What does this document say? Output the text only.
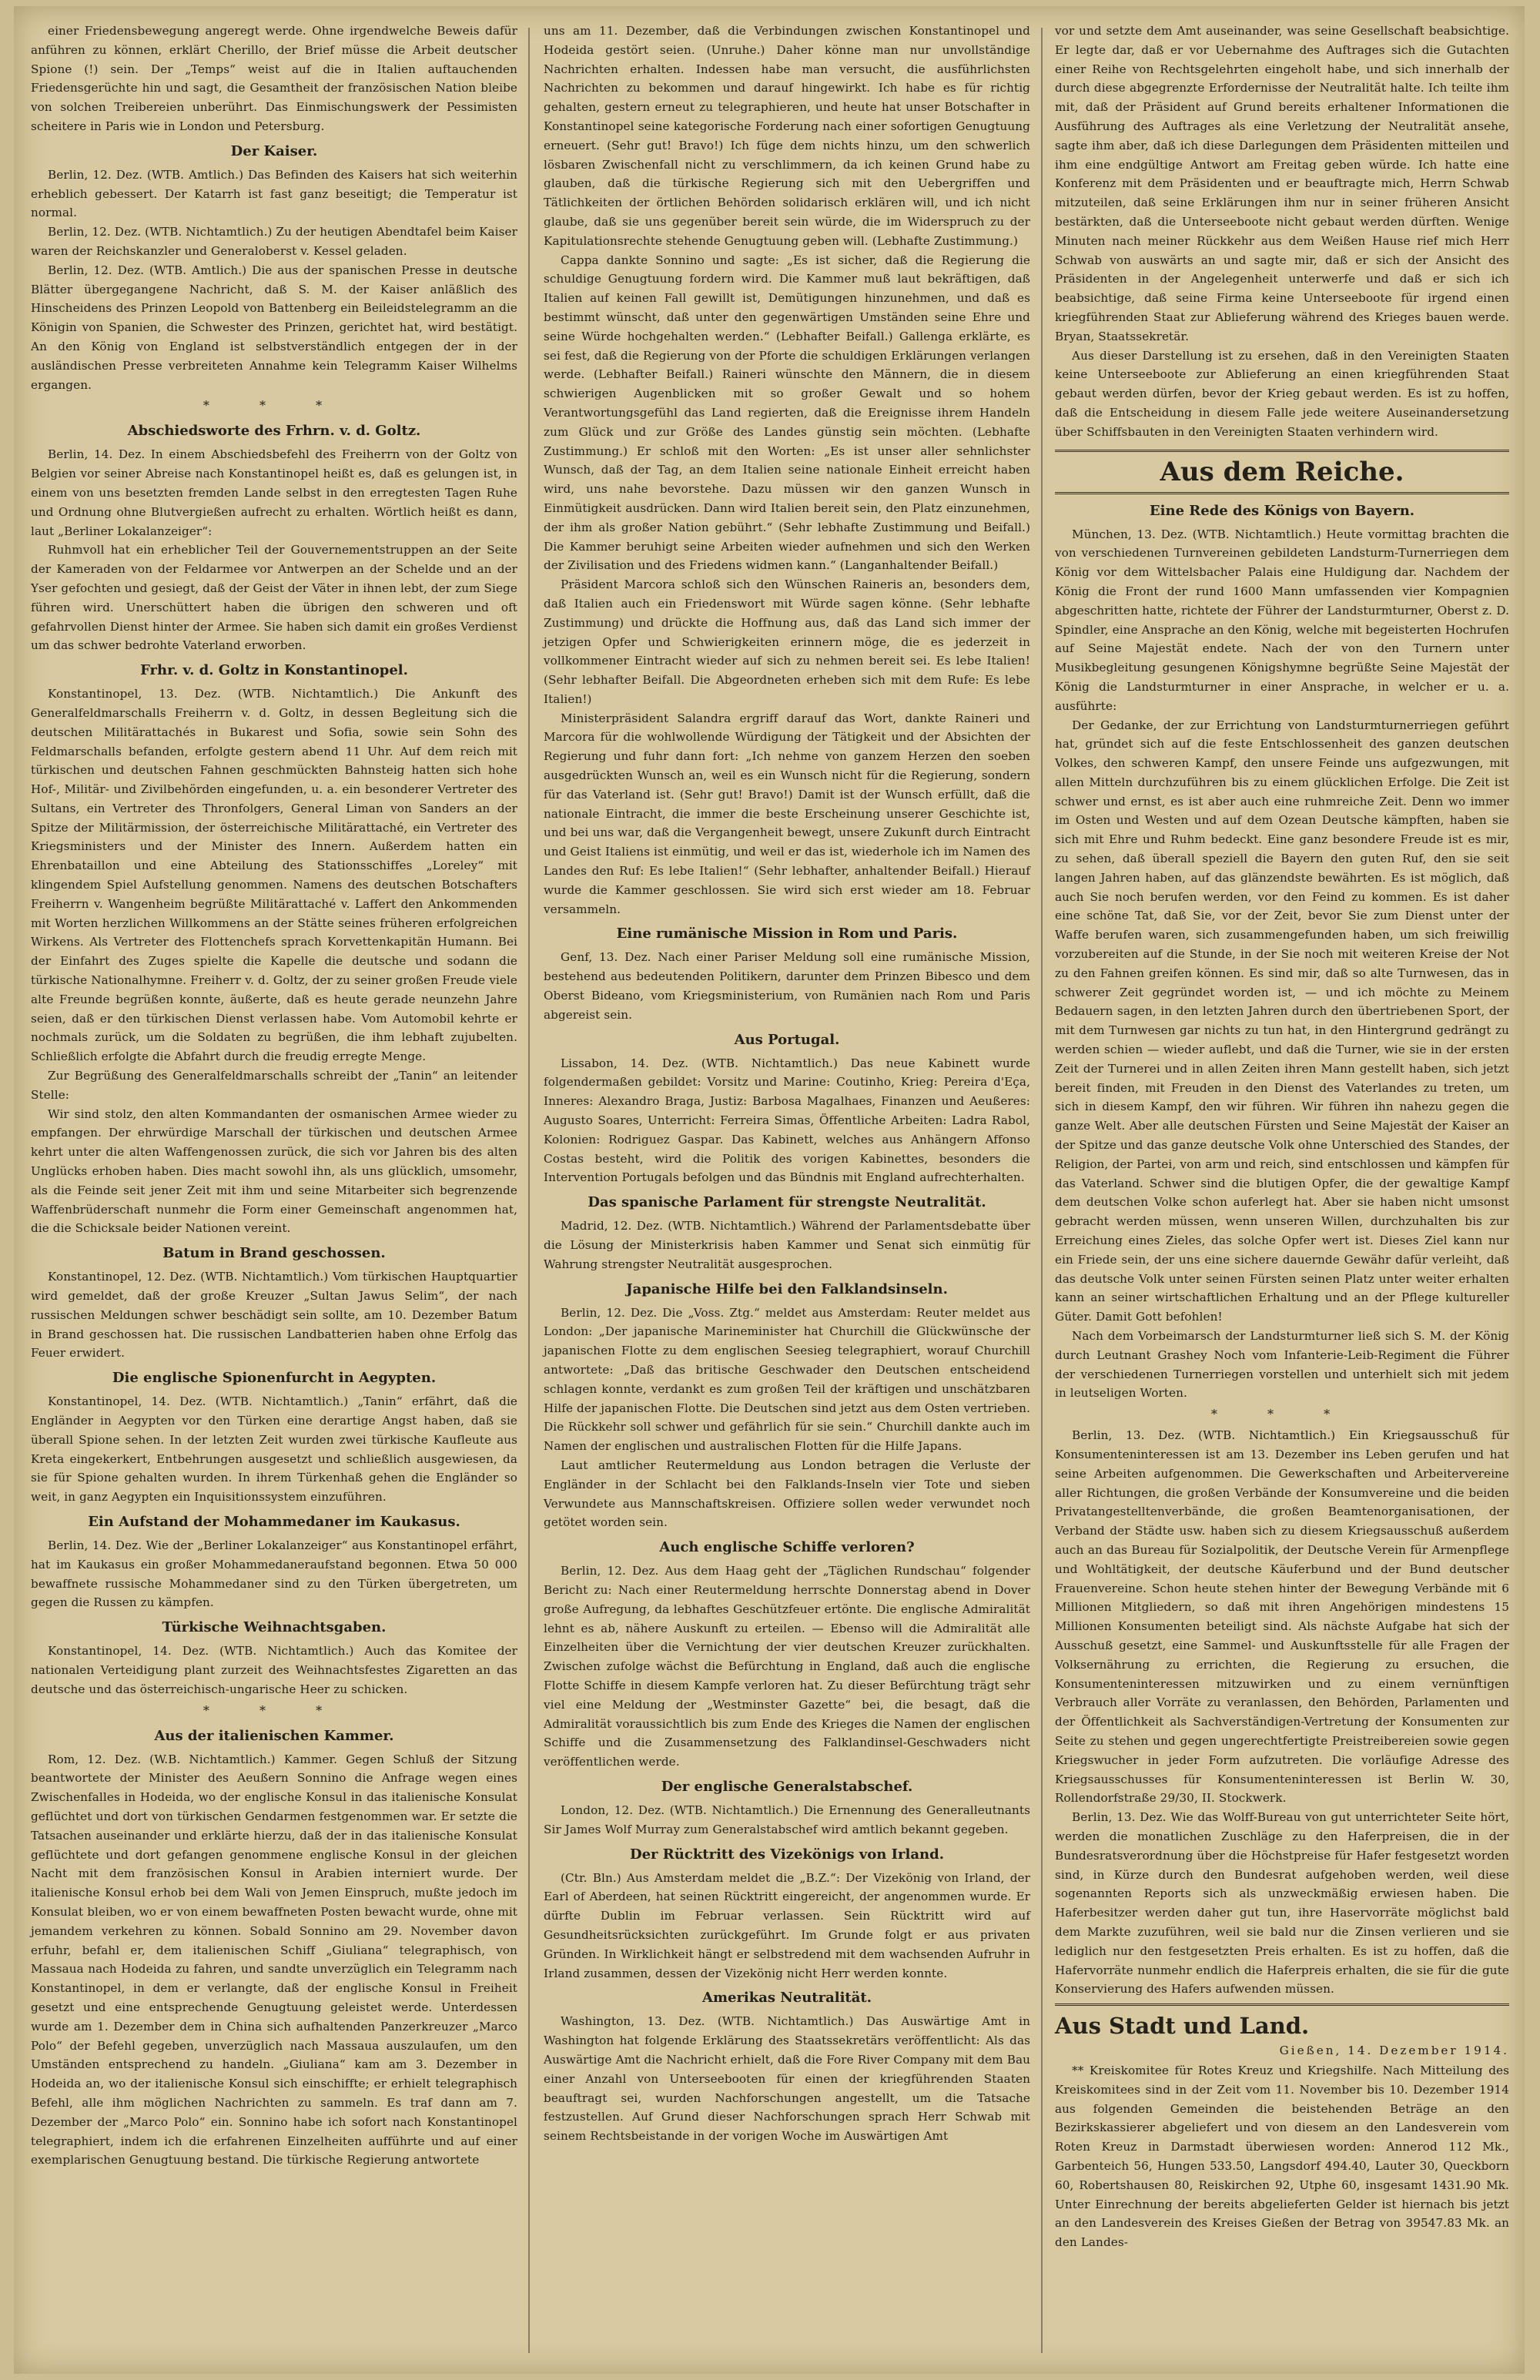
einer Friedensbewegung angeregt werde. Ohne irgendwelche Beweis dafür anführen zu können, erklärt Cherillo, der Brief müsse die Arbeit deutscher Spione (!) sein. Der „Temps“ weist auf die in Italien auftauchenden Friedensgerüchte hin und sagt, die Gesamtheit der französischen Nation bleibe von solchen Treibereien unberührt. Das Einmischungswerk der Pessimisten scheitere in Paris wie in London und Petersburg.

Der Kaiser.

Berlin, 12. Dez. (WTB. Amtlich.) Das Befinden des Kaisers hat sich weiterhin erheblich gebessert. Der Katarrh ist fast ganz beseitigt; die Temperatur ist normal.

Berlin, 12. Dez. (WTB. Nichtamtlich.) Zu der heutigen Abendtafel beim Kaiser waren der Reichskanzler und Generaloberst v. Kessel geladen.

Berlin, 12. Dez. (WTB. Amtlich.) Die aus der spanischen Presse in deutsche Blätter übergegangene Nachricht, daß S. M. der Kaiser anläßlich des Hinscheidens des Prinzen Leopold von Battenberg ein Beileidstelegramm an die Königin von Spanien, die Schwester des Prinzen, gerichtet hat, wird bestätigt. An den König von England ist selbstverständlich entgegen der in der ausländischen Presse verbreiteten Annahme kein Telegramm Kaiser Wilhelms ergangen.

* * *
Abschiedsworte des Frhrn. v. d. Goltz.

Berlin, 14. Dez. In einem Abschiedsbefehl des Freiherrn von der Goltz von Belgien vor seiner Abreise nach Konstantinopel heißt es, daß es gelungen ist, in einem von uns besetzten fremden Lande selbst in den erregtesten Tagen Ruhe und Ordnung ohne Blutvergießen aufrecht zu erhalten. Wörtlich heißt es dann, laut „Berliner Lokalanzeiger“:

Ruhmvoll hat ein erheblicher Teil der Gouvernementstruppen an der Seite der Kameraden von der Feldarmee vor Antwerpen an der Schelde und an der Yser gefochten und gesiegt, daß der Geist der Väter in ihnen lebt, der zum Siege führen wird. Unerschüttert haben die übrigen den schweren und oft gefahrvollen Dienst hinter der Armee. Sie haben sich damit ein großes Verdienst um das schwer bedrohte Vaterland erworben.

Frhr. v. d. Goltz in Konstantinopel.

Konstantinopel, 13. Dez. (WTB. Nichtamtlich.) Die Ankunft des Generalfeldmarschalls Freiherrn v. d. Goltz, in dessen Begleitung sich die deutschen Militärattachés in Bukarest und Sofia, sowie sein Sohn des Feldmarschalls befanden, erfolgte gestern abend 11 Uhr. Auf dem reich mit türkischen und deutschen Fahnen geschmückten Bahnsteig hatten sich hohe Hof-, Militär- und Zivilbehörden eingefunden, u. a. ein besonderer Vertreter des Sultans, ein Vertreter des Thronfolgers, General Liman von Sanders an der Spitze der Militärmission, der österreichische Militärattaché, ein Vertreter des Kriegsministers und der Minister des Innern. Außerdem hatten ein Ehrenbataillon und eine Abteilung des Stationsschiffes „Loreley“ mit klingendem Spiel Aufstellung genommen. Namens des deutschen Botschafters Freiherrn v. Wangenheim begrüßte Militärattaché v. Laffert den Ankommenden mit Worten herzlichen Willkommens an der Stätte seines früheren erfolgreichen Wirkens. Als Vertreter des Flottenchefs sprach Korvettenkapitän Humann. Bei der Einfahrt des Zuges spielte die Kapelle die deutsche und sodann die türkische Nationalhymne. Freiherr v. d. Goltz, der zu seiner großen Freude viele alte Freunde begrüßen konnte, äußerte, daß es heute gerade neunzehn Jahre seien, daß er den türkischen Dienst verlassen habe. Vom Automobil kehrte er nochmals zurück, um die Soldaten zu begrüßen, die ihm lebhaft zujubelten. Schließlich erfolgte die Abfahrt durch die freudig erregte Menge.

Zur Begrüßung des Generalfeldmarschalls schreibt der „Tanin“ an leitender Stelle:

Wir sind stolz, den alten Kommandanten der osmanischen Armee wieder zu empfangen. Der ehrwürdige Marschall der türkischen und deutschen Armee kehrt unter die alten Waffengenossen zurück, die sich vor Jahren bis des alten Unglücks erhoben haben. Dies macht sowohl ihn, als uns glücklich, umsomehr, als die Feinde seit jener Zeit mit ihm und seine Mitarbeiter sich begrenzende Waffenbrüderschaft nunmehr die Form einer Gemeinschaft angenommen hat, die die Schicksale beider Nationen vereint.

Batum in Brand geschossen.

Konstantinopel, 12. Dez. (WTB. Nichtamtlich.) Vom türkischen Hauptquartier wird gemeldet, daß der große Kreuzer „Sultan Jawus Selim“, der nach russischen Meldungen schwer beschädigt sein sollte, am 10. Dezember Batum in Brand geschossen hat. Die russischen Landbatterien haben ohne Erfolg das Feuer erwidert.

Die englische Spionenfurcht in Aegypten.

Konstantinopel, 14. Dez. (WTB. Nichtamtlich.) „Tanin“ erfährt, daß die Engländer in Aegypten vor den Türken eine derartige Angst haben, daß sie überall Spione sehen. In der letzten Zeit wurden zwei türkische Kaufleute aus Kreta eingekerkert, Entbehrungen ausgesetzt und schließlich ausgewiesen, da sie für Spione gehalten wurden. In ihrem Türkenhaß gehen die Engländer so weit, in ganz Aegypten ein Inquisitionssystem einzuführen.

Ein Aufstand der Mohammedaner im Kaukasus.

Berlin, 14. Dez. Wie der „Berliner Lokalanzeiger“ aus Konstantinopel erfährt, hat im Kaukasus ein großer Mohammedaneraufstand begonnen. Etwa 50 000 bewaffnete russische Mohammedaner sind zu den Türken übergetreten, um gegen die Russen zu kämpfen.

Türkische Weihnachtsgaben.

Konstantinopel, 14. Dez. (WTB. Nichtamtlich.) Auch das Komitee der nationalen Verteidigung plant zurzeit des Weihnachtsfestes Zigaretten an das deutsche und das österreichisch-ungarische Heer zu schicken.

* * *
Aus der italienischen Kammer.

Rom, 12. Dez. (W.B. Nichtamtlich.) Kammer. Gegen Schluß der Sitzung beantwortete der Minister des Aeußern Sonnino die Anfrage wegen eines Zwischenfalles in Hodeida, wo der englische Konsul in das italienische Konsulat geflüchtet und dort von türkischen Gendarmen festgenommen war. Er setzte die Tatsachen auseinander und erklärte hierzu, daß der in das italienische Konsulat geflüchtete und dort gefangen genommene englische Konsul in der gleichen Nacht mit dem französischen Konsul in Arabien interniert wurde. Der italienische Konsul erhob bei dem Wali von Jemen Einspruch, mußte jedoch im Konsulat bleiben, wo er von einem bewaffneten Posten bewacht wurde, ohne mit jemandem verkehren zu können. Sobald Sonnino am 29. November davon erfuhr, befahl er, dem italienischen Schiff „Giuliana“ telegraphisch, von Massaua nach Hodeida zu fahren, und sandte unverzüglich ein Telegramm nach Konstantinopel, in dem er verlangte, daß der englische Konsul in Freiheit gesetzt und eine entsprechende Genugtuung geleistet werde. Unterdessen wurde am 1. Dezember dem in China sich aufhaltenden Panzerkreuzer „Marco Polo“ der Befehl gegeben, unverzüglich nach Massaua auszulaufen, um den Umständen entsprechend zu handeln. „Giuliana“ kam am 3. Dezember in Hodeida an, wo der italienische Konsul sich einschiffte; er erhielt telegraphisch Befehl, alle ihm möglichen Nachrichten zu sammeln. Es traf dann am 7. Dezember der „Marco Polo“ ein. Sonnino habe ich sofort nach Konstantinopel telegraphiert, indem ich die erfahrenen Einzelheiten aufführte und auf einer exemplarischen Genugtuung bestand. Die türkische Regierung antwortete

uns am 11. Dezember, daß die Verbindungen zwischen Konstantinopel und Hodeida gestört seien. (Unruhe.) Daher könne man nur unvollständige Nachrichten erhalten. Indessen habe man versucht, die ausführlichsten Nachrichten zu bekommen und darauf hingewirkt. Ich habe es für richtig gehalten, gestern erneut zu telegraphieren, und heute hat unser Botschafter in Konstantinopel seine kategorische Forderung nach einer sofortigen Genugtuung erneuert. (Sehr gut! Bravo!) Ich füge dem nichts hinzu, um den schwerlich lösbaren Zwischenfall nicht zu verschlimmern, da ich keinen Grund habe zu glauben, daß die türkische Regierung sich mit den Uebergriffen und Tätlichkeiten der örtlichen Behörden solidarisch erklären will, und ich nicht glaube, daß sie uns gegenüber bereit sein würde, die im Widerspruch zu der Kapitulationsrechte stehende Genugtuung geben will. (Lebhafte Zustimmung.)

Cappa dankte Sonnino und sagte: „Es ist sicher, daß die Regierung die schuldige Genugtuung fordern wird. Die Kammer muß laut bekräftigen, daß Italien auf keinen Fall gewillt ist, Demütigungen hinzunehmen, und daß es bestimmt wünscht, daß unter den gegenwärtigen Umständen seine Ehre und seine Würde hochgehalten werden.“ (Lebhafter Beifall.) Gallenga erklärte, es sei fest, daß die Regierung von der Pforte die schuldigen Erklärungen verlangen werde. (Lebhafter Beifall.) Raineri wünschte den Männern, die in diesem schwierigen Augenblicken mit so großer Gewalt und so hohem Verantwortungsgefühl das Land regierten, daß die Ereignisse ihrem Handeln zum Glück und zur Größe des Landes günstig sein möchten. (Lebhafte Zustimmung.) Er schloß mit den Worten: „Es ist unser aller sehnlichster Wunsch, daß der Tag, an dem Italien seine nationale Einheit erreicht haben wird, uns nahe bevorstehe. Dazu müssen wir den ganzen Wunsch in Einmütigkeit ausdrücken. Dann wird Italien bereit sein, den Platz einzunehmen, der ihm als großer Nation gebührt.“ (Sehr lebhafte Zustimmung und Beifall.) Die Kammer beruhigt seine Arbeiten wieder aufnehmen und sich den Werken der Zivilisation und des Friedens widmen kann.“ (Langanhaltender Beifall.)

Präsident Marcora schloß sich den Wünschen Raineris an, besonders dem, daß Italien auch ein Friedenswort mit Würde sagen könne. (Sehr lebhafte Zustimmung) und drückte die Hoffnung aus, daß das Land sich immer der jetzigen Opfer und Schwierigkeiten erinnern möge, die es jederzeit in vollkommener Eintracht wieder auf sich zu nehmen bereit sei. Es lebe Italien! (Sehr lebhafter Beifall. Die Abgeordneten erheben sich mit dem Rufe: Es lebe Italien!)

Ministerpräsident Salandra ergriff darauf das Wort, dankte Raineri und Marcora für die wohlwollende Würdigung der Tätigkeit und der Absichten der Regierung und fuhr dann fort: „Ich nehme von ganzem Herzen den soeben ausgedrückten Wunsch an, weil es ein Wunsch nicht für die Regierung, sondern für das Vaterland ist. (Sehr gut! Bravo!) Damit ist der Wunsch erfüllt, daß die nationale Eintracht, die immer die beste Erscheinung unserer Geschichte ist, und bei uns war, daß die Vergangenheit bewegt, unsere Zukunft durch Eintracht und Geist Italiens ist einmütig, und weil er das ist, wiederhole ich im Namen des Landes den Ruf: Es lebe Italien!“ (Sehr lebhafter, anhaltender Beifall.) Hierauf wurde die Kammer geschlossen. Sie wird sich erst wieder am 18. Februar versammeln.

Eine rumänische Mission in Rom und Paris.

Genf, 13. Dez. Nach einer Pariser Meldung soll eine rumänische Mission, bestehend aus bedeutenden Politikern, darunter dem Prinzen Bibesco und dem Oberst Bideano, vom Kriegsministerium, von Rumänien nach Rom und Paris abgereist sein.

Aus Portugal.

Lissabon, 14. Dez. (WTB. Nichtamtlich.) Das neue Kabinett wurde folgendermaßen gebildet: Vorsitz und Marine: Coutinho, Krieg: Pereira d'Eça, Inneres: Alexandro Braga, Justiz: Barbosa Magalhaes, Finanzen und Aeußeres: Augusto Soares, Unterricht: Ferreira Simas, Öffentliche Arbeiten: Ladra Rabol, Kolonien: Rodriguez Gaspar. Das Kabinett, welches aus Anhängern Affonso Costas besteht, wird die Politik des vorigen Kabinettes, besonders die Intervention Portugals befolgen und das Bündnis mit England aufrechterhalten.

Das spanische Parlament für strengste Neutralität.

Madrid, 12. Dez. (WTB. Nichtamtlich.) Während der Parlamentsdebatte über die Lösung der Ministerkrisis haben Kammer und Senat sich einmütig für Wahrung strengster Neutralität ausgesprochen.

Japanische Hilfe bei den Falklandsinseln.

Berlin, 12. Dez. Die „Voss. Ztg.“ meldet aus Amsterdam: Reuter meldet aus London: „Der japanische Marineminister hat Churchill die Glückwünsche der japanischen Flotte zu dem englischen Seesieg telegraphiert, worauf Churchill antwortete: „Daß das britische Geschwader den Deutschen entscheidend schlagen konnte, verdankt es zum großen Teil der kräftigen und unschätzbaren Hilfe der japanischen Flotte. Die Deutschen sind jetzt aus dem Osten vertrieben. Die Rückkehr soll schwer und gefährlich für sie sein.“ Churchill dankte auch im Namen der englischen und australischen Flotten für die Hilfe Japans.

Laut amtlicher Reutermeldung aus London betragen die Verluste der Engländer in der Schlacht bei den Falklands-Inseln vier Tote und sieben Verwundete aus Mannschaftskreisen. Offiziere sollen weder verwundet noch getötet worden sein.

Auch englische Schiffe verloren?

Berlin, 12. Dez. Aus dem Haag geht der „Täglichen Rundschau“ folgender Bericht zu: Nach einer Reutermeldung herrschte Donnerstag abend in Dover große Aufregung, da lebhaftes Geschützfeuer ertönte. Die englische Admiralität lehnt es ab, nähere Auskunft zu erteilen. — Ebenso will die Admiralität alle Einzelheiten über die Vernichtung der vier deutschen Kreuzer zurückhalten. Zwischen zufolge wächst die Befürchtung in England, daß auch die englische Flotte Schiffe in diesem Kampfe verloren hat. Zu dieser Befürchtung trägt sehr viel eine Meldung der „Westminster Gazette“ bei, die besagt, daß die Admiralität voraussichtlich bis zum Ende des Krieges die Namen der englischen Schiffe und die Zusammensetzung des Falklandinsel-Geschwaders nicht veröffentlichen werde.

Der englische Generalstabschef.

London, 12. Dez. (WTB. Nichtamtlich.) Die Ernennung des Generalleutnants Sir James Wolf Murray zum Generalstabschef wird amtlich bekannt gegeben.

Der Rücktritt des Vizekönigs von Irland.

(Ctr. Bln.) Aus Amsterdam meldet die „B.Z.“: Der Vizekönig von Irland, der Earl of Aberdeen, hat seinen Rücktritt eingereicht, der angenommen wurde. Er dürfte Dublin im Februar verlassen. Sein Rücktritt wird auf Gesundheitsrücksichten zurückgeführt. Im Grunde folgt er aus privaten Gründen. In Wirklichkeit hängt er selbstredend mit dem wachsenden Aufruhr in Irland zusammen, dessen der Vizekönig nicht Herr werden konnte.

Amerikas Neutralität.

Washington, 13. Dez. (WTB. Nichtamtlich.) Das Auswärtige Amt in Washington hat folgende Erklärung des Staatssekretärs veröffentlicht: Als das Auswärtige Amt die Nachricht erhielt, daß die Fore River Company mit dem Bau einer Anzahl von Unterseebooten für einen der kriegführenden Staaten beauftragt sei, wurden Nachforschungen angestellt, um die Tatsache festzustellen. Auf Grund dieser Nachforschungen sprach Herr Schwab mit seinem Rechtsbeistande in der vorigen Woche im Auswärtigen Amt

vor und setzte dem Amt auseinander, was seine Gesellschaft beabsichtige. Er legte dar, daß er vor Uebernahme des Auftrages sich die Gutachten einer Reihe von Rechtsgelehrten eingeholt habe, und sich innerhalb der durch diese abgegrenzte Erfordernisse der Neutralität halte. Ich teilte ihm mit, daß der Präsident auf Grund bereits erhaltener Informationen die Ausführung des Auftrages als eine Verletzung der Neutralität ansehe, sagte ihm aber, daß ich diese Darlegungen dem Präsidenten mitteilen und ihm eine endgültige Antwort am Freitag geben würde. Ich hatte eine Konferenz mit dem Präsidenten und er beauftragte mich, Herrn Schwab mitzuteilen, daß seine Erklärungen ihm nur in seiner früheren Ansicht bestärkten, daß die Unterseeboote nicht gebaut werden dürften. Wenige Minuten nach meiner Rückkehr aus dem Weißen Hause rief mich Herr Schwab von auswärts an und sagte mir, daß er sich der Ansicht des Präsidenten in der Angelegenheit unterwerfe und daß er sich ich beabsichtige, daß seine Firma keine Unterseeboote für irgend einen kriegführenden Staat zur Ablieferung während des Krieges bauen werde. Bryan, Staatssekretär.

Aus dieser Darstellung ist zu ersehen, daß in den Vereinigten Staaten keine Unterseeboote zur Ablieferung an einen kriegführenden Staat gebaut werden dürfen, bevor der Krieg gebaut werden. Es ist zu hoffen, daß die Entscheidung in diesem Falle jede weitere Auseinandersetzung über Schiffsbauten in den Vereinigten Staaten verhindern wird.

Aus dem Reiche.
Eine Rede des Königs von Bayern.

München, 13. Dez. (WTB. Nichtamtlich.) Heute vormittag brachten die von verschiedenen Turnvereinen gebildeten Landsturm-Turnerriegen dem König vor dem Wittelsbacher Palais eine Huldigung dar. Nachdem der König die Front der rund 1600 Mann umfassenden vier Kompagnien abgeschritten hatte, richtete der Führer der Landsturmturner, Oberst z. D. Spindler, eine Ansprache an den König, welche mit begeisterten Hochrufen auf Seine Majestät endete. Nach der von den Turnern unter Musikbegleitung gesungenen Königshymne begrüßte Seine Majestät der König die Landsturmturner in einer Ansprache, in welcher er u. a. ausführte:

Der Gedanke, der zur Errichtung von Landsturmturnerriegen geführt hat, gründet sich auf die feste Entschlossenheit des ganzen deutschen Volkes, den schweren Kampf, den unsere Feinde uns aufgezwungen, mit allen Mitteln durchzuführen bis zu einem glücklichen Erfolge. Die Zeit ist schwer und ernst, es ist aber auch eine ruhmreiche Zeit. Denn wo immer im Osten und Westen und auf dem Ozean Deutsche kämpften, haben sie sich mit Ehre und Ruhm bedeckt. Eine ganz besondere Freude ist es mir, zu sehen, daß überall speziell die Bayern den guten Ruf, den sie seit langen Jahren haben, auf das glänzendste bewährten. Es ist möglich, daß auch Sie noch berufen werden, vor den Feind zu kommen. Es ist daher eine schöne Tat, daß Sie, vor der Zeit, bevor Sie zum Dienst unter der Waffe berufen waren, sich zusammengefunden haben, um sich freiwillig vorzubereiten auf die Stunde, in der Sie noch mit weiteren Kreise der Not zu den Fahnen greifen können. Es sind mir, daß so alte Turnwesen, das in schwerer Zeit gegründet worden ist, — und ich möchte zu Meinem Bedauern sagen, in den letzten Jahren durch den übertriebenen Sport, der mit dem Turnwesen gar nichts zu tun hat, in den Hintergrund gedrängt zu werden schien — wieder auflebt, und daß die Turner, wie sie in der ersten Zeit der Turnerei und in allen Zeiten ihren Mann gestellt haben, sich jetzt bereit finden, mit Freuden in den Dienst des Vaterlandes zu treten, um sich in diesem Kampf, den wir führen. Wir führen ihn nahezu gegen die ganze Welt. Aber alle deutschen Fürsten und Seine Majestät der Kaiser an der Spitze und das ganze deutsche Volk ohne Unterschied des Standes, der Religion, der Partei, von arm und reich, sind entschlossen und kämpfen für das Vaterland. Schwer sind die blutigen Opfer, die der gewaltige Kampf dem deutschen Volke schon auferlegt hat. Aber sie haben nicht umsonst gebracht werden müssen, wenn unseren Willen, durchzuhalten bis zur Erreichung eines Zieles, das solche Opfer wert ist. Dieses Ziel kann nur ein Friede sein, der uns eine sichere dauernde Gewähr dafür verleiht, daß das deutsche Volk unter seinen Fürsten seinen Platz unter weiter erhalten kann an seiner wirtschaftlichen Erhaltung und an der Pflege kultureller Güter. Damit Gott befohlen!

Nach dem Vorbeimarsch der Landsturmturner ließ sich S. M. der König durch Leutnant Grashey Noch vom Infanterie-Leib-Regiment die Führer der verschiedenen Turnerriegen vorstellen und unterhielt sich mit jedem in leutseligen Worten.

* * *

Berlin, 13. Dez. (WTB. Nichtamtlich.) Ein Kriegsausschuß für Konsumenteninteressen ist am 13. Dezember ins Leben gerufen und hat seine Arbeiten aufgenommen. Die Gewerkschaften und Arbeitervereine aller Richtungen, die großen Verbände der Konsumvereine und die beiden Privatangestelltenverbände, die großen Beamtenorganisationen, der Verband der Städte usw. haben sich zu diesem Kriegsausschuß außerdem auch an das Bureau für Sozialpolitik, der Deutsche Verein für Armenpflege und Wohltätigkeit, der deutsche Käuferbund und der Bund deutscher Frauenvereine. Schon heute stehen hinter der Bewegung Verbände mit 6 Millionen Mitgliedern, so daß mit ihren Angehörigen mindestens 15 Millionen Konsumenten beteiligt sind. Als nächste Aufgabe hat sich der Ausschuß gesetzt, eine Sammel- und Auskunftsstelle für alle Fragen der Volksernährung zu errichten, die Regierung zu ersuchen, die Konsumenteninteressen mitzuwirken und zu einem vernünftigen Verbrauch aller Vorräte zu veranlassen, den Behörden, Parlamenten und der Öffentlichkeit als Sachverständigen-Vertretung der Konsumenten zur Seite zu stehen und gegen ungerechtfertigte Preistreibereien sowie gegen Kriegswucher in jeder Form aufzutreten. Die vorläufige Adresse des Kriegsausschusses für Konsumenteninteressen ist Berlin W. 30, Rollendorfstraße 29/30, II. Stockwerk.

Berlin, 13. Dez. Wie das Wolff-Bureau von gut unterrichteter Seite hört, werden die monatlichen Zuschläge zu den Haferpreisen, die in der Bundesratsverordnung über die Höchstpreise für Hafer festgesetzt worden sind, in Kürze durch den Bundesrat aufgehoben werden, weil diese sogenannten Reports sich als unzweckmäßig erwiesen haben. Die Haferbesitzer werden daher gut tun, ihre Haservorräte möglichst bald dem Markte zuzuführen, weil sie bald nur die Zinsen verlieren und sie lediglich nur den festgesetzten Preis erhalten. Es ist zu hoffen, daß die Hafervorräte nunmehr endlich die Haferpreis erhalten, die sie für die gute Konservierung des Hafers aufwenden müssen.

Aus Stadt und Land.
Gießen, 14. Dezember 1914.

** Kreiskomitee für Rotes Kreuz und Kriegshilfe. Nach Mitteilung des Kreiskomitees sind in der Zeit vom 11. November bis 10. Dezember 1914 aus folgenden Gemeinden die beistehenden Beträge an den Bezirkskassierer abgeliefert und von diesem an den Landesverein vom Roten Kreuz in Darmstadt überwiesen worden: Annerod 112 Mk., Garbenteich 56, Hungen 533.50, Langsdorf 494.40, Lauter 30, Queckborn 60, Robertshausen 80, Reiskirchen 92, Utphe 60, insgesamt 1431.90 Mk. Unter Einrechnung der bereits abgelieferten Gelder ist hiernach bis jetzt an den Landesverein des Kreises Gießen der Betrag von 39547.83 Mk. an den Landes-
